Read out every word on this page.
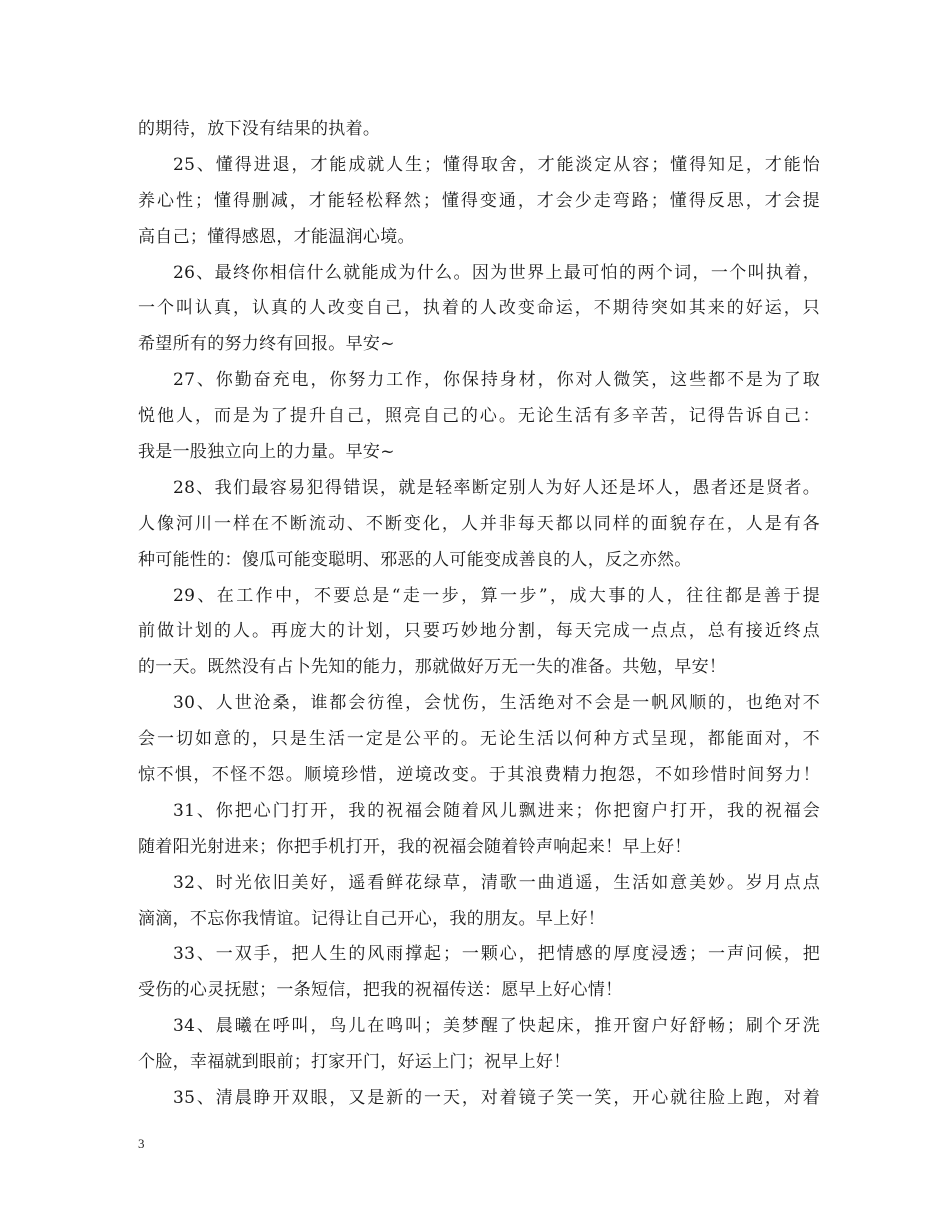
的期待，放下没有结果的执着。
25、懂得进退，才能成就人生；懂得取舍，才能淡定从容；懂得知足，才能怡
养心性；懂得删减，才能轻松释然；懂得变通，才会少走弯路；懂得反思，才会提
高自己；懂得感恩，才能温润心境。
26、最终你相信什么就能成为什么。因为世界上最可怕的两个词，一个叫执着，
一个叫认真，认真的人改变自己，执着的人改变命运，不期待突如其来的好运，只
希望所有的努力终有回报。早安~
27、你勤奋充电，你努力工作，你保持身材，你对人微笑，这些都不是为了取
悦他人，而是为了提升自己，照亮自己的心。无论生活有多辛苦，记得告诉自己：
我是一股独立向上的力量。早安~
28、我们最容易犯得错误，就是轻率断定别人为好人还是坏人，愚者还是贤者。
人像河川一样在不断流动、不断变化，人并非每天都以同样的面貌存在，人是有各
种可能性的：傻瓜可能变聪明、邪恶的人可能变成善良的人，反之亦然。
29、在工作中，不要总是“走一步，算一步”，成大事的人，往往都是善于提
前做计划的人。再庞大的计划，只要巧妙地分割，每天完成一点点，总有接近终点
的一天。既然没有占卜先知的能力，那就做好万无一失的准备。共勉，早安！
30、人世沧桑，谁都会彷徨，会忧伤，生活绝对不会是一帆风顺的，也绝对不
会一切如意的，只是生活一定是公平的。无论生活以何种方式呈现，都能面对，不
惊不惧，不怪不怨。顺境珍惜，逆境改变。于其浪费精力抱怨，不如珍惜时间努力！
31、你把心门打开，我的祝福会随着风儿飘进来；你把窗户打开，我的祝福会
随着阳光射进来；你把手机打开，我的祝福会随着铃声响起来！早上好！
32、时光依旧美好，遥看鲜花绿草，清歌一曲逍遥，生活如意美妙。岁月点点
滴滴，不忘你我情谊。记得让自己开心，我的朋友。早上好！
33、一双手，把人生的风雨撑起；一颗心，把情感的厚度浸透；一声问候，把
受伤的心灵抚慰；一条短信，把我的祝福传送：愿早上好心情！
34、晨曦在呼叫，鸟儿在鸣叫；美梦醒了快起床，推开窗户好舒畅；刷个牙洗
个脸，幸福就到眼前；打家开门，好运上门；祝早上好！
35、清晨睁开双眼，又是新的一天，对着镜子笑一笑，开心就往脸上跑，对着
3
